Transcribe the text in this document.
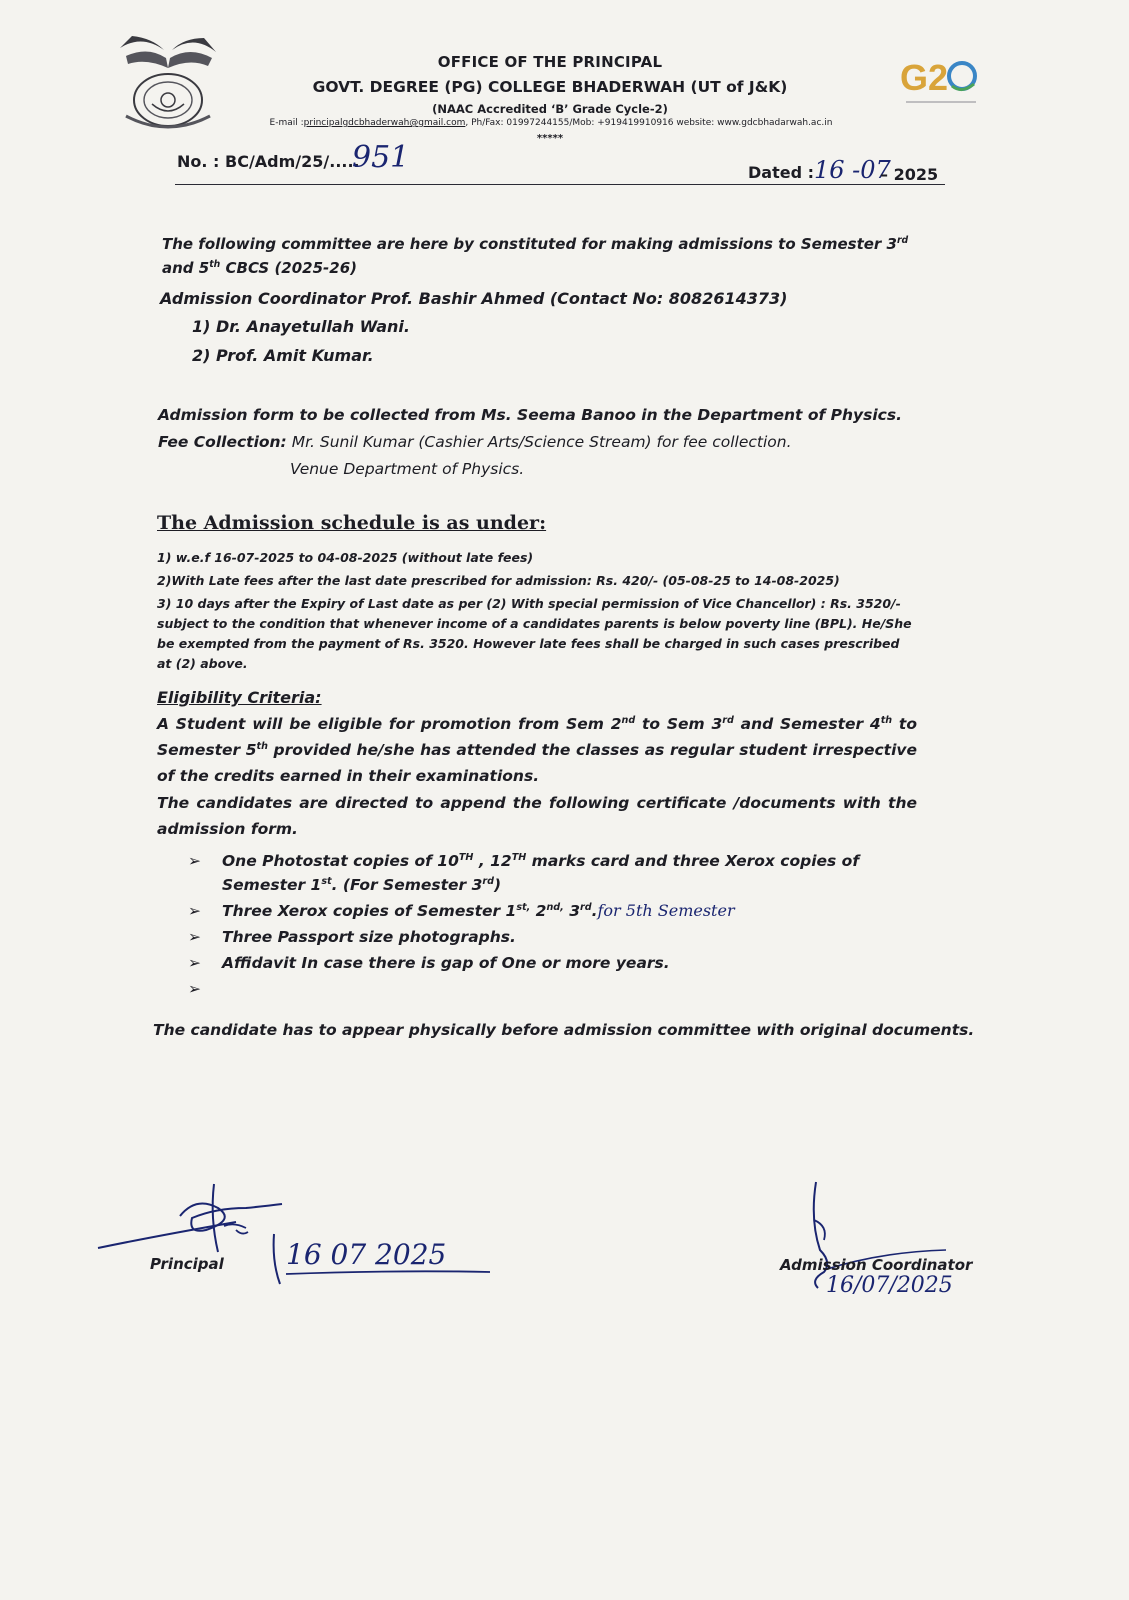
G2
OFFICE OF THE PRINCIPAL
GOVT. DEGREE (PG) COLLEGE BHADERWAH (UT of J&K)
(NAAC Accredited ‘B’ Grade Cycle-2)
E-mail :principalgdcbhaderwah@gmail.com, Ph/Fax: 01997244155/Mob: +919419910916 website: www.gdcbhadarwah.ac.in
*****
No. : BC/Adm/25/.....
951	Dated : 16 -07
– 2025
The following committee are here by constituted for making admissions to Semester 3rd and 5th CBCS (2025-26)
Admission Coordinator Prof. Bashir Ahmed (Contact No: 8082614373)
1) Dr. Anayetullah Wani.
2) Prof. Amit Kumar.
Admission form to be collected from Ms. Seema Banoo in the Department of Physics.
Fee Collection: Mr. Sunil Kumar (Cashier Arts/Science Stream) for fee collection.
Venue Department of Physics.
The Admission schedule is as under:
1) w.e.f 16-07-2025 to 04-08-2025 (without late fees)
2)With Late fees after the last date prescribed for admission: Rs. 420/- (05-08-25 to 14-08-2025)
3) 10 days after the Expiry of Last date as per (2) With special permission of Vice Chancellor) : Rs. 3520/- subject to the condition that whenever income of a candidates parents is below poverty line (BPL). He/She be exempted from the payment of Rs. 3520. However late fees shall be charged in such cases prescribed at (2) above.
Eligibility Criteria:
A Student will be eligible for promotion from Sem 2nd to Sem 3rd and Semester 4th to Semester 5th provided he/she has attended the classes as regular student irrespective of the credits earned in their examinations.
The candidates are directed to append the following certificate /documents with the admission form.
➢ One Photostat copies of 10TH , 12TH marks card and three Xerox copies of Semester 1st. (For Semester 3rd)
➢ Three Xerox copies of Semester $1^{st,}$ $2^{nd,}$ 3rd.for 5th Semester
➢ Three Passport size photographs.
➢ Affidavit In case there is gap of One or more years.
➢
The candidate has to appear physically before admission committee with original documents.
16 07 2025
Principal
16/07/2025
Admission Coordinator
